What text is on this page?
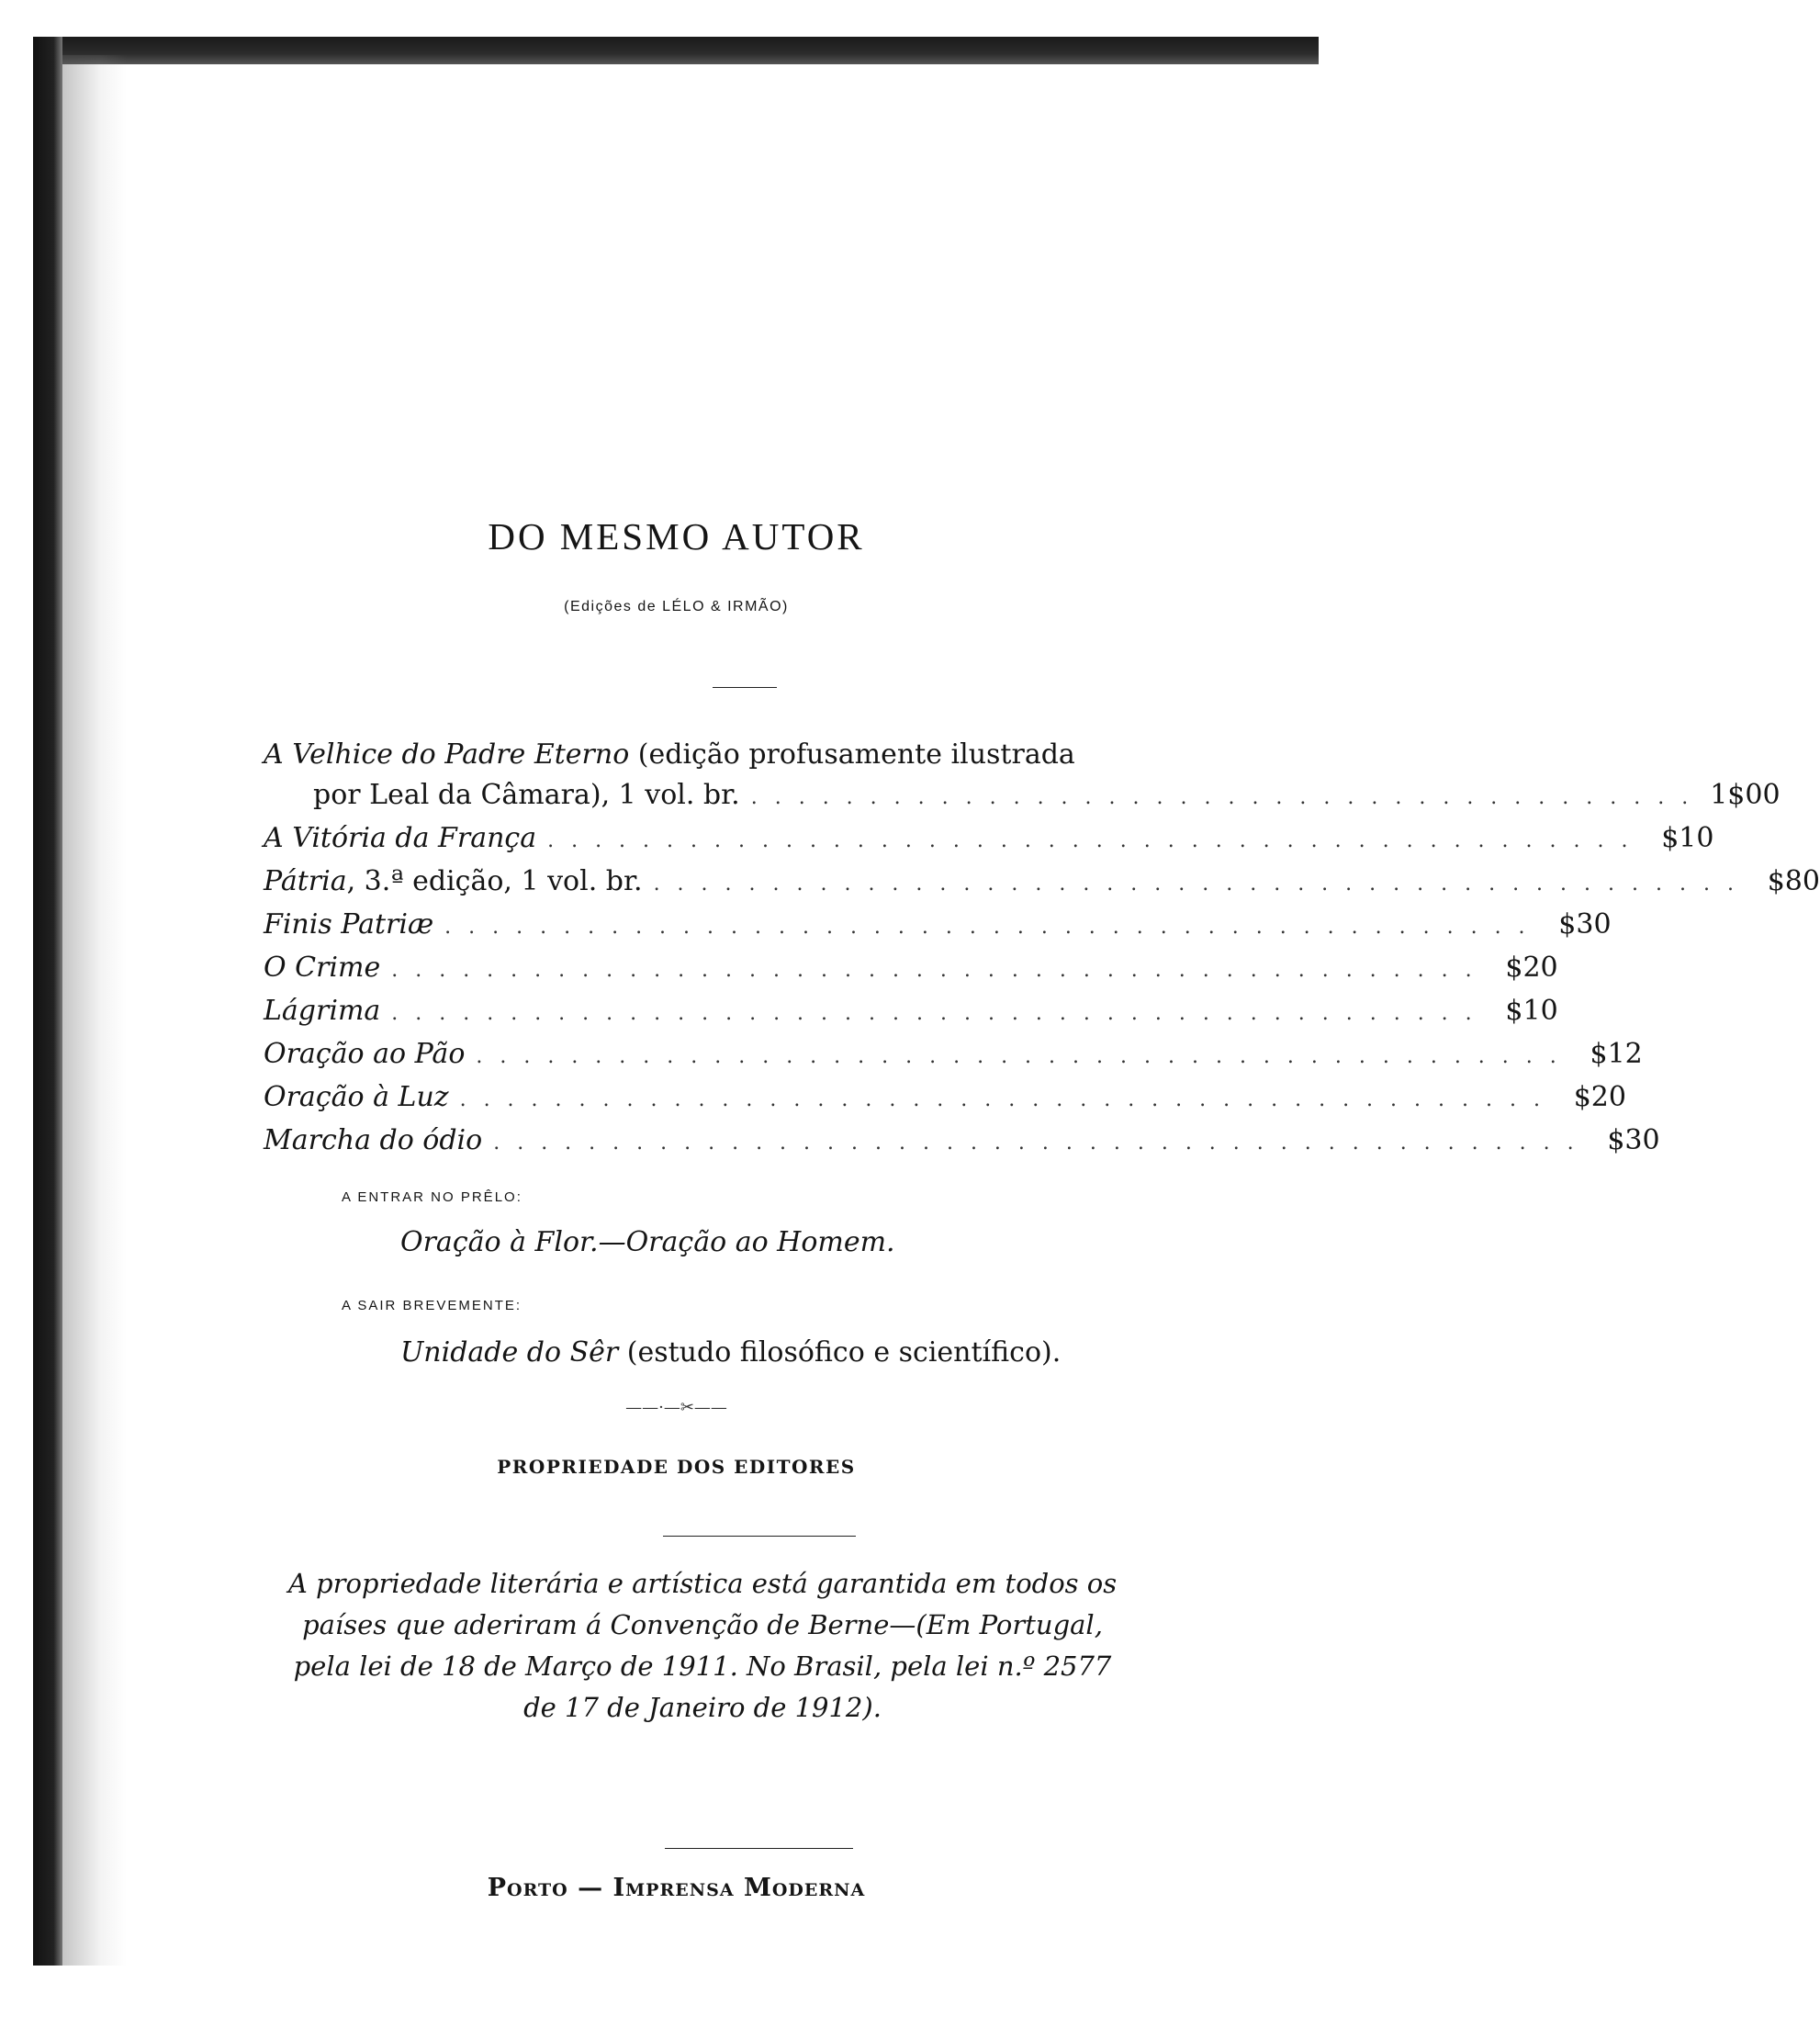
DO MESMO AUTOR
(Edições de LÉLO & IRMÃO)
A Velhice do Padre Eterno (edição profusamente ilustrada
por Leal da Câmara), 1 vol. br. . . . . . . . . . . . . . . . . . . . . . . . . . . . . . . . . . . . . . . . . 1$00
A Vitória da França . . . . . . . . . . . . . . . . . . . . . . . . . . . . . . . . . . . . . . . . . . . . . .	$10
Pátria , 3.ª edição, 1 vol. br. . . . . . . . . . . . . . . . . . . . . . . . . . . . . . . . . . . . . . . . . . . . . . .	$80
Finis Patriæ . . . . . . . . . . . . . . . . . . . . . . . . . . . . . . . . . . . . . . . . . . . . . .	$30
O Crime . . . . . . . . . . . . . . . . . . . . . . . . . . . . . . . . . . . . . . . . . . . . . .	$20
Lágrima . . . . . . . . . . . . . . . . . . . . . . . . . . . . . . . . . . . . . . . . . . . . . .	$10
Oração ao Pão . . . . . . . . . . . . . . . . . . . . . . . . . . . . . . . . . . . . . . . . . . . . . .	$12
Oração à Luz . . . . . . . . . . . . . . . . . . . . . . . . . . . . . . . . . . . . . . . . . . . . . .	$20
Marcha do ódio . . . . . . . . . . . . . . . . . . . . . . . . . . . . . . . . . . . . . . . . . . . . . .	$30
A ENTRAR NO PRÊLO:
Oração à Flor.—Oração ao Homem.
A SAIR BREVEMENTE:
Unidade do Sêr (estudo filosófico e scientífico).
——·—✂——
PROPRIEDADE DOS EDITORES
A propriedade literária e artística está garantida em todos os países que aderiram á Convenção de Berne—(Em Portugal, pela lei de 18 de Março de 1911. No Brasil, pela lei n.º 2577 de 17 de Janeiro de 1912).
Porto — Imprensa Moderna
